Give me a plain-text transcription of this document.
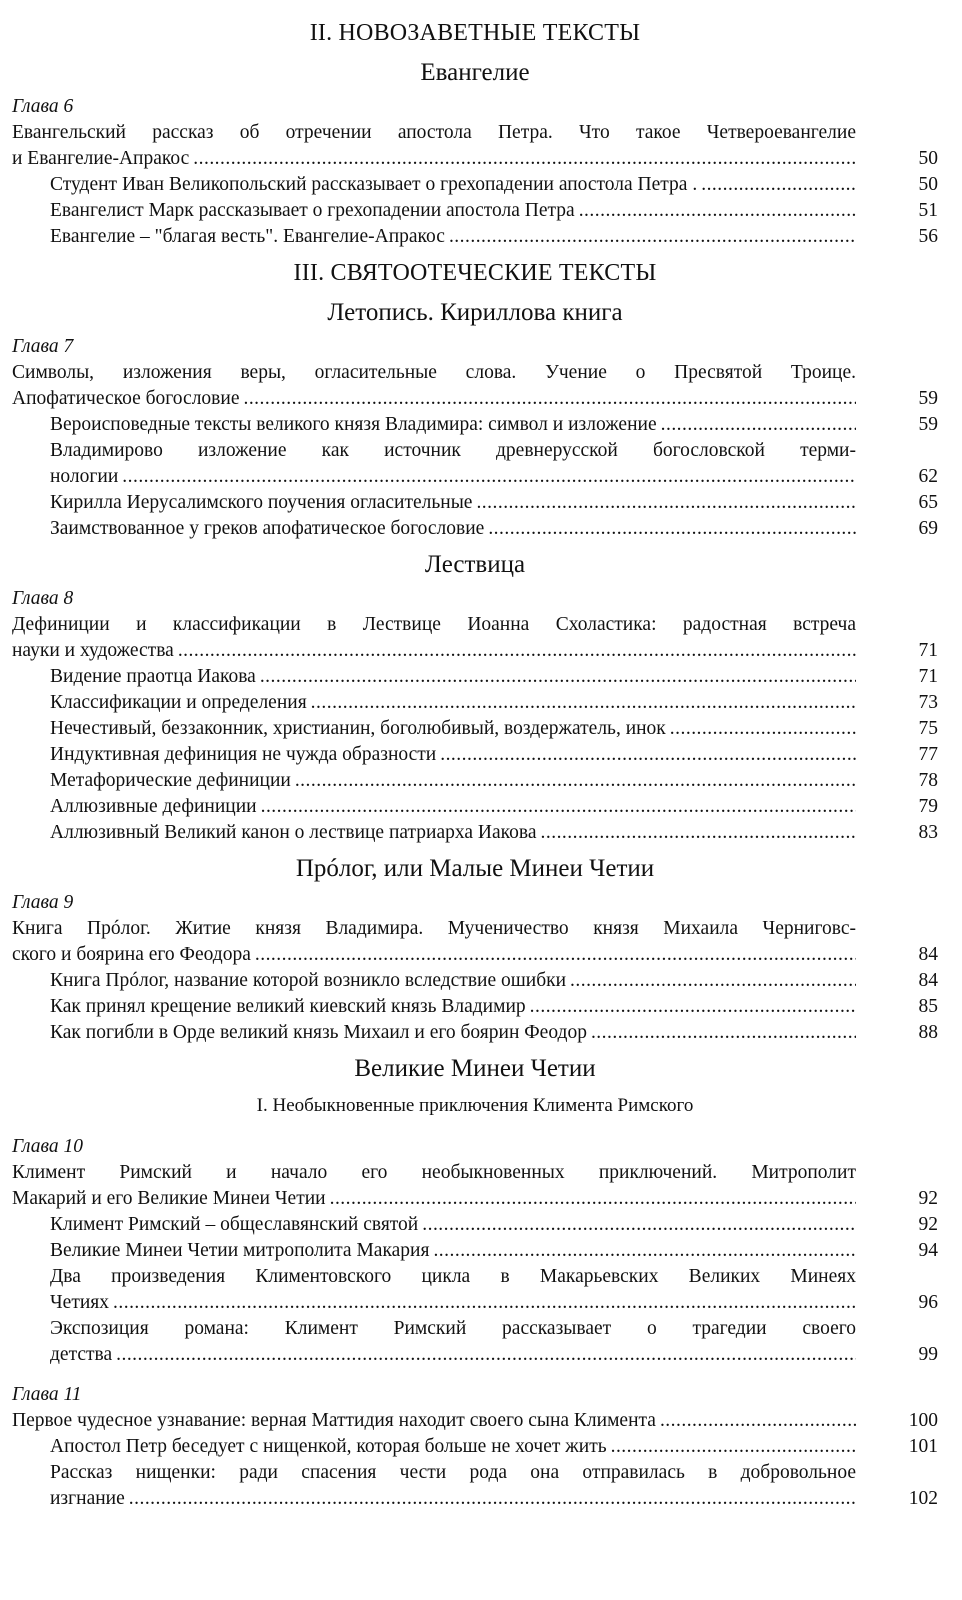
II. НОВОЗАВЕТНЫЕ ТЕКСТЫ
Евангелие
Глава 6
Евангельский рассказ об отречении апостола Петра. Что такое Четвероевангелие
и Евангелие-Апракос . . .	50
Студент Иван Великопольский рассказывает о грехопадении апостола Петра . . . .	50
Евангелист Марк рассказывает о грехопадении апостола Петра . . .	51
Евангелие – "благая весть". Евангелие-Апракос . . .	56
III. СВЯТООТЕЧЕСКИЕ ТЕКСТЫ
Летопись. Кириллова книга
Глава 7
Символы, изложения веры, огласительные слова. Учение о Пресвятой Троице.
Апофатическое богословие . . .	59
Вероисповедные тексты великого князя Владимира: символ и изложение . . .	59
Владимирово изложение как источник древнерусской богословской терми-
нологии . . .	62
Кирилла Иерусалимского поучения огласительные . . .	65
Заимствованное у греков апофатическое богословие . . .	69
Лествица
Глава 8
Дефиниции и классификации в Лествице Иоанна Схоластика: радостная встреча
науки и художества . . .	71
Видение праотца Иакова . . .	71
Классификации и определения . . .	73
Нечестивый, беззаконник, христианин, боголюбивый, воздержатель, инок . . .	75
Индуктивная дефиниция не чужда образности . . .	77
Метафорические дефиниции . . .	78
Аллюзивные дефиниции . . .	79
Аллюзивный Великий канон о лествице патриарха Иакова . . .	83
Прóлог, или Малые Минеи Четии
Глава 9
Книга Прóлог. Житие князя Владимира. Мученичество князя Михаила Черниговс-
ского и боярина его Феодора . . .	84
Книга Прóлог, название которой возникло вследствие ошибки . . .	84
Как принял крещение великий киевский князь Владимир . . .	85
Как погибли в Орде великий князь Михаил и его боярин Феодор . . .	88
Великие Минеи Четии
I. Необыкновенные приключения Климента Римского
Глава 10
Климент Римский и начало его необыкновенных приключений. Митрополит
Макарий и его Великие Минеи Четии . . .	92
Климент Римский – общеславянский святой . . .	92
Великие Минеи Четии митрополита Макария . . .	94
Два произведения Климентовского цикла в Макарьевских Великих Минеях
Четиях . . .	96
Экспозиция романа: Климент Римский рассказывает о трагедии своего
детства . . .	99
Глава 11
Первое чудесное узнавание: верная Маттидия находит своего сына Климента . . .	100
Апостол Петр беседует с нищенкой, которая больше не хочет жить . . .	101
Рассказ нищенки: ради спасения чести рода она отправилась в добровольное
изгнание . . .	102
